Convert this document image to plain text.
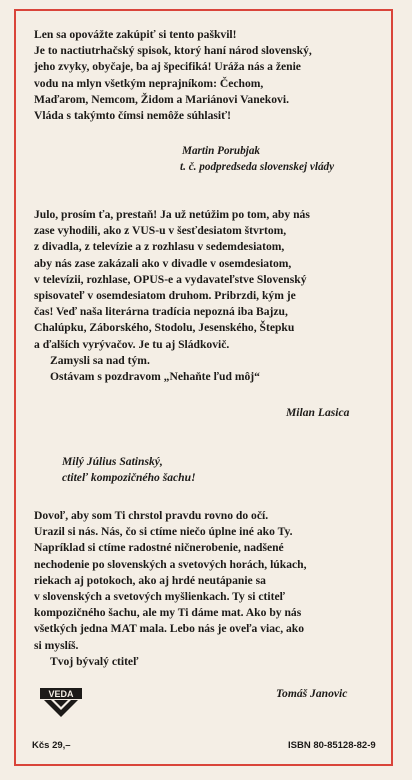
Len sa opovážte zakúpiť si tento paškvil!
Je to nactiutrhačský spisok, ktorý haní národ slovenský,
jeho zvyky, obyčaje, ba aj špecifiká! Uráža nás a ženie
vodu na mlyn všetkým neprajníkom: Čechom,
Maďarom, Nemcom, Židom a Mariánovi Vanekovi.
Vláda s takýmto čímsi nemôže súhlasiť!

Martin Porubjak
t. č. podpredseda slovenskej vlády

Julo, prosím ťa, prestaň! Ja už netúžim po tom, aby nás
zase vyhodili, ako z VUS-u v šesťdesiatom štvrtom,
z divadla, z televízie a z rozhlasu v sedemdesiatom,
aby nás zase zakázali ako v divadle v osemdesiatom,
v televízii, rozhlase, OPUS-e a vydavateľstve Slovenský
spisovateľ v osemdesiatom druhom. Pribrzdi, kým je
čas! Veď naša literárna tradícia nepozná iba Bajzu,
Chalúpku, Záborského, Stodolu, Jesenského, Štepku
a ďalších vyrývačov. Je tu aj Sládkovič.

Zamysli sa nad tým.

Ostávam s pozdravom „Nehaňte ľud môj“

Milan Lasica

Milý Július Satinský,
ctiteľ kompozičného šachu!

Dovoľ, aby som Ti chrstol pravdu rovno do očí.
Urazil si nás. Nás, čo si ctíme niečo úplne iné ako Ty.
Napríklad si ctíme radostné ničnerobenie, nadšené
nechodenie po slovenských a svetových horách, lúkach,
riekach aj potokoch, ako aj hrdé neutápanie sa
v slovenských a svetových myšlienkach. Ty si ctiteľ
kompozičného šachu, ale my Ti dáme mat. Ako by nás
všetkých jedna MAT mala. Lebo nás je oveľa viac, ako
si myslíš.

Tvoj bývalý ctiteľ

Tomáš Janovic
VEDA
Kčs 29,–	ISBN 80-85128-82-9
